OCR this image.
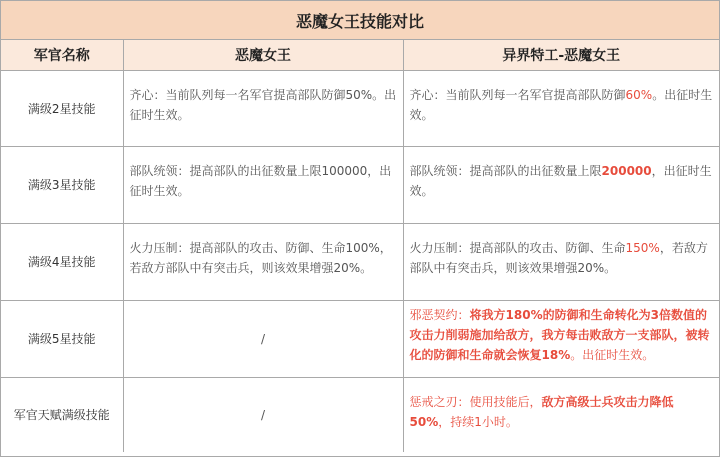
恶魔女王技能对比
军官名称	恶魔女王	异界特工-恶魔女王
满级2星技能	齐心：当前队列每一名军官提高部队防御50%。出征时生效。	齐心：当前队列每一名军官提高部队防御60%。出征时生效。
满级3星技能	部队统领：提高部队的出征数量上限100000，出征时生效。	部队统领：提高部队的出征数量上限200000，出征时生效。
满级4星技能	火力压制：提高部队的攻击、防御、生命100%，若敌方部队中有突击兵，则该效果增强20%。	火力压制：提高部队的攻击、防御、生命150%，若敌方部队中有突击兵，则该效果增强20%。
满级5星技能	/	邪恶契约：将我方180%的防御和生命转化为3倍数值的攻击力削弱施加给敌方，我方每击败敌方一支部队，被转化的防御和生命就会恢复18%。出征时生效。
军官天赋满级技能	/	惩戒之刃：使用技能后，敌方高级士兵攻击力降低50%，持续1小时。
